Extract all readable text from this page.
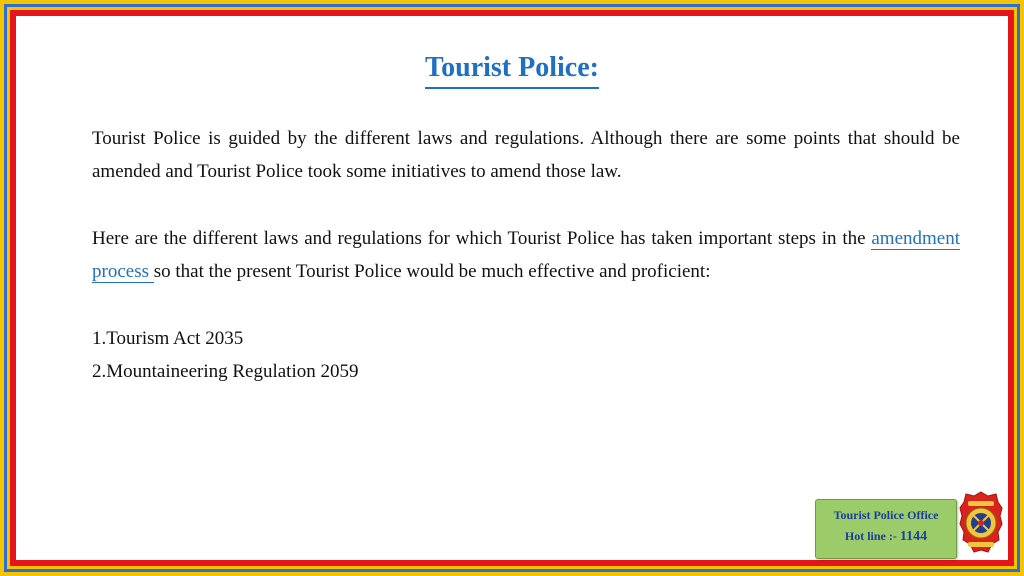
Tourist Police:
Tourist Police is guided by the different laws and regulations. Although there are some points that should be amended and Tourist Police took some initiatives to amend those law.
Here are the different laws and regulations for which Tourist Police has taken important steps in the amendment process so that the present Tourist Police would be much effective and proficient:
1.Tourism Act 2035
2.Mountaineering Regulation 2059
Tourist Police Office
Hot line :- 1144
